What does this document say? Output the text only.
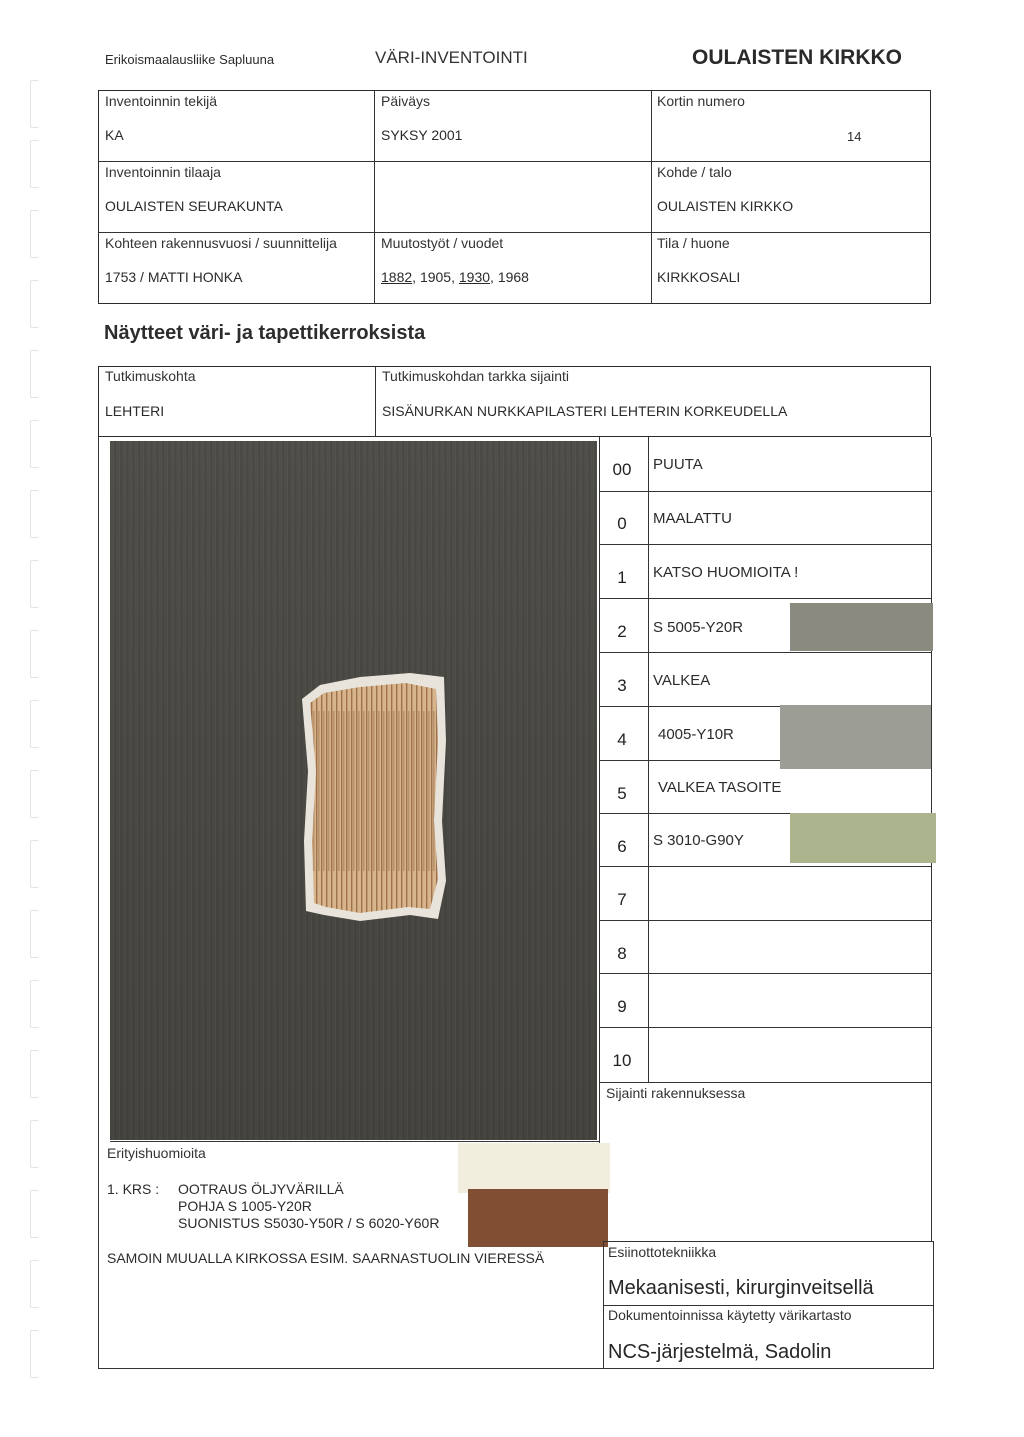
Erikoismaalausliike Sapluuna	VÄRI-INVENTOINTI	OULAISTEN KIRKKO
Inventoinnin tekijä
KA
Päiväys
SYKSY 2001
Kortin numero
14
Inventoinnin tilaaja
OULAISTEN SEURAKUNTA
Kohde / talo
OULAISTEN KIRKKO
Kohteen rakennusvuosi / suunnittelija
1753 / MATTI HONKA
Muutostyöt / vuodet
1882, 1905, 1930, 1968
Tila / huone
KIRKKOSALI
Näytteet väri- ja tapettikerroksista
Tutkimuskohta
LEHTERI
Tutkimuskohdan tarkka sijainti
SISÄNURKAN NURKKAPILASTERI LEHTERIN KORKEUDELLA
00	PUUTA
0	MAALATTU
1	KATSO HUOMIOITA !
2	S 5005-Y20R
3	VALKEA
4	4005-Y10R
5	VALKEA TASOITE
6	S 3010-G90Y
7
8
9
10
Sijainti rakennuksessa
Erityishuomioita
1. KRS : OOTRAUS ÖLJYVÄRILLÄ
POHJA S 1005-Y20R
SUONISTUS S5030-Y50R / S 6020-Y60R
SAMOIN MUUALLA KIRKOSSA ESIM. SAARNASTUOLIN VIERESSÄ	Esiinottotekniikka
Mekaanisesti, kirurginveitsellä
Dokumentoinnissa käytetty värikartasto
NCS-järjestelmä, Sadolin
